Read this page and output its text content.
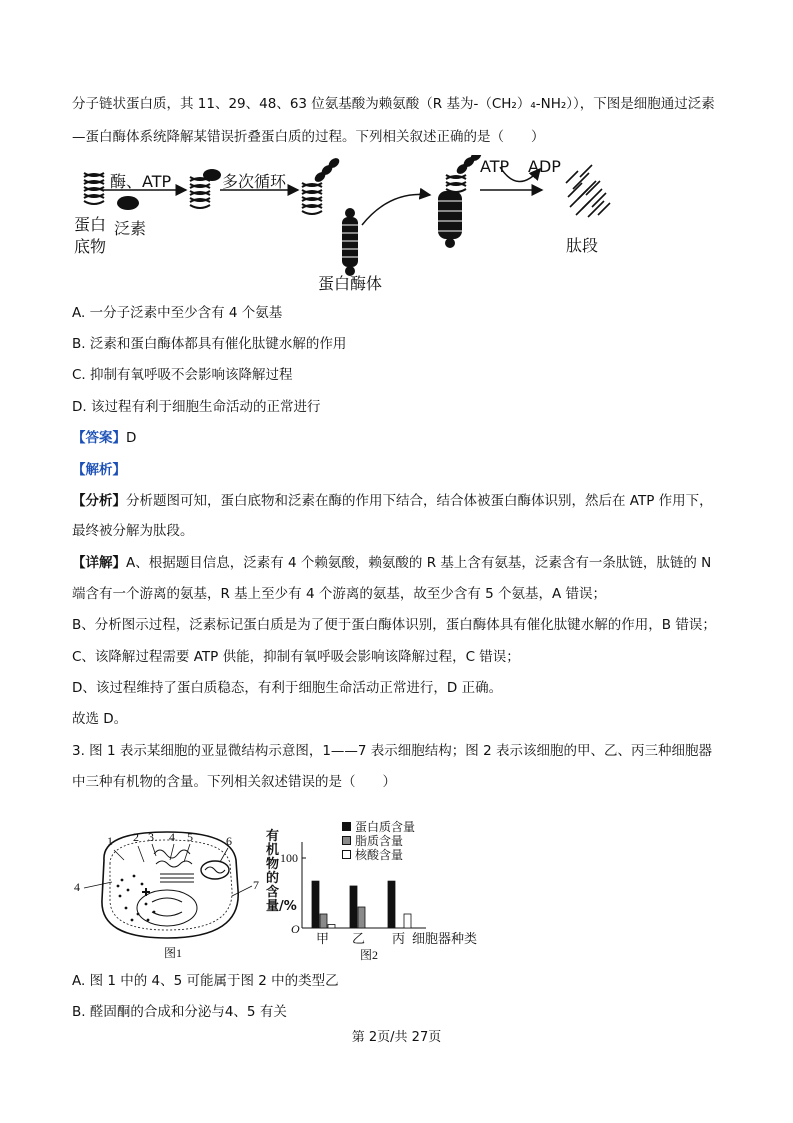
分子链状蛋白质，其 11、29、48、63 位氨基酸为赖氨酸（R 基为-（CH₂）₄-NH₂）），下图是细胞通过泛素
—蛋白酶体系统降解某错误折叠蛋白质的过程。下列相关叙述正确的是（　　）
蛋白
底物
泛素
酶、ATP	多次循环
蛋白酶体
ATP ADP
肽段
A. 一分子泛素中至少含有 4 个氨基
B. 泛素和蛋白酶体都具有催化肽键水解的作用
C. 抑制有氧呼吸不会影响该降解过程
D. 该过程有利于细胞生命活动的正常进行
【答案】D
【解析】
【分析】分析题图可知，蛋白底物和泛素在酶的作用下结合，结合体被蛋白酶体识别，然后在 ATP 作用下，
最终被分解为肽段。
【详解】A、根据题目信息，泛素有 4 个赖氨酸，赖氨酸的 R 基上含有氨基，泛素含有一条肽链，肽链的 N
端含有一个游离的氨基，R 基上至少有 4 个游离的氨基，故至少含有 5 个氨基，A 错误；
B、分析图示过程，泛素标记蛋白质是为了便于蛋白酶体识别，蛋白酶体具有催化肽键水解的作用，B 错误；
C、该降解过程需要 ATP 供能，抑制有氧呼吸会影响该降解过程，C 错误；
D、该过程维持了蛋白质稳态，有利于细胞生命活动正常进行，D 正确。
故选 D。
3. 图 1 表示某细胞的亚显微结构示意图，1——7 表示细胞结构；图 2 表示该细胞的甲、乙、丙三种细胞器
中三种有机物的含量。下列相关叙述错误的是（　　）
1 2 3 4 5	6
4	7
图1
有机物的含量/%
100
O
甲 乙 丙 细胞器种类
蛋白质含量
脂质含量
核酸含量
图2
A. 图 1 中的 4、5 可能属于图 2 中的类型乙
B. 醛固酮的合成和分泌与4、5 有关
第 2页/共 27页
